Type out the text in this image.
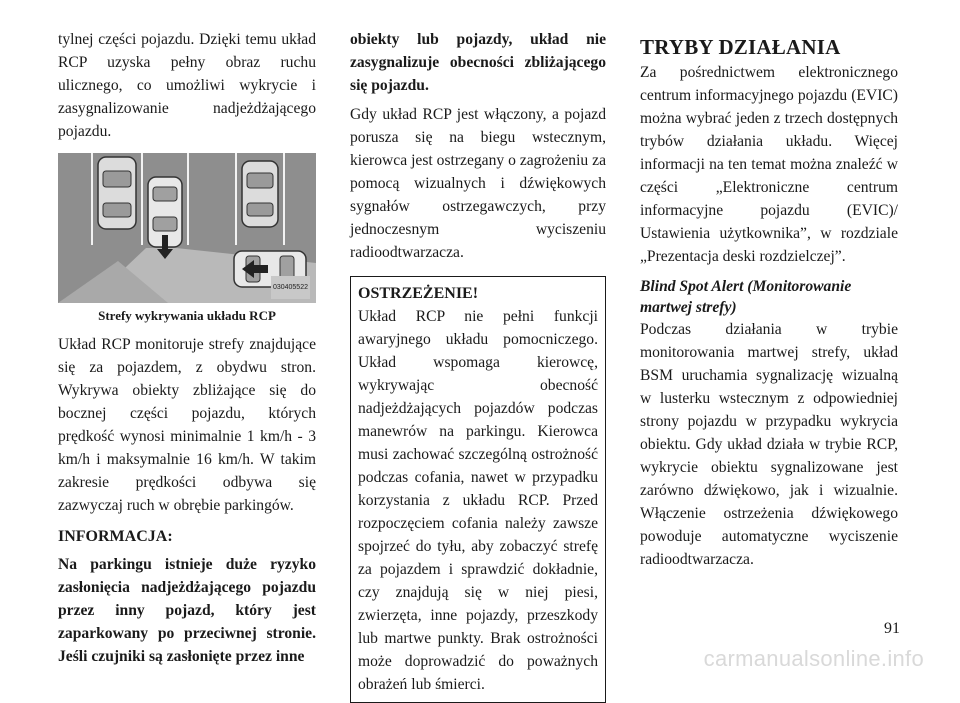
tylnej części pojazdu. Dzięki temu układ RCP uzyska pełny obraz ruchu ulicznego, co umożliwi wykrycie i zasygnalizowanie nadjeżdżającego pojazdu.

030405522
Strefy wykrywania układu RCP

Układ RCP monitoruje strefy znajdujące się za pojazdem, z obydwu stron. Wykrywa obiekty zbliżające się do bocznej części pojazdu, których prędkość wynosi minimalnie 1 km/h - 3 km/h i maksymalnie 16 km/h. W takim zakresie prędkości odbywa się zazwyczaj ruch w obrębie parkingów.

INFORMACJA:

Na parkingu istnieje duże ryzyko zasłonięcia nadjeżdżającego pojazdu przez inny pojazd, który jest zaparkowany po przeciwnej stronie. Jeśli czujniki są zasłonięte przez inne

obiekty lub pojazdy, układ nie zasygnalizuje obecności zbliżającego się pojazdu.

Gdy układ RCP jest włączony, a pojazd porusza się na biegu wstecznym, kierowca jest ostrzegany o zagrożeniu za pomocą wizualnych i dźwiękowych sygnałów ostrzegawczych, przy jednoczesnym wyciszeniu radioodtwarzacza.

OSTRZEŻENIE!

Układ RCP nie pełni funkcji awaryjnego układu pomocniczego. Układ wspomaga kierowcę, wykrywając obecność nadjeżdżających pojazdów podczas manewrów na parkingu. Kierowca musi zachować szczególną ostrożność podczas cofania, nawet w przypadku korzystania z układu RCP. Przed rozpoczęciem cofania należy zawsze spojrzeć do tyłu, aby zobaczyć strefę za pojazdem i sprawdzić dokładnie, czy znajdują się w niej piesi, zwierzęta, inne pojazdy, przeszkody lub martwe punkty. Brak ostrożności może doprowadzić do poważnych obrażeń lub śmierci.

TRYBY DZIAŁANIA

Za pośrednictwem elektronicznego centrum informacyjnego pojazdu (EVIC) można wybrać jeden z trzech dostępnych trybów działania układu. Więcej informacji na ten temat można znaleźć w części „Elektroniczne centrum informacyjne pojazdu (EVIC)/ Ustawienia użytkownika”, w rozdziale „Prezentacja deski rozdzielczej”.

Blind Spot Alert (Monitorowanie martwej strefy)

Podczas działania w trybie monitorowania martwej strefy, układ BSM uruchamia sygnalizację wizualną w lusterku wstecznym z odpowiedniej strony pojazdu w przypadku wykrycia obiektu. Gdy układ działa w trybie RCP, wykrycie obiektu sygnalizowane jest zarówno dźwiękowo, jak i wizualnie. Włączenie ostrzeżenia dźwiękowego powoduje automatyczne wyciszenie radioodtwarzacza.

91
carmanualsonline.info
